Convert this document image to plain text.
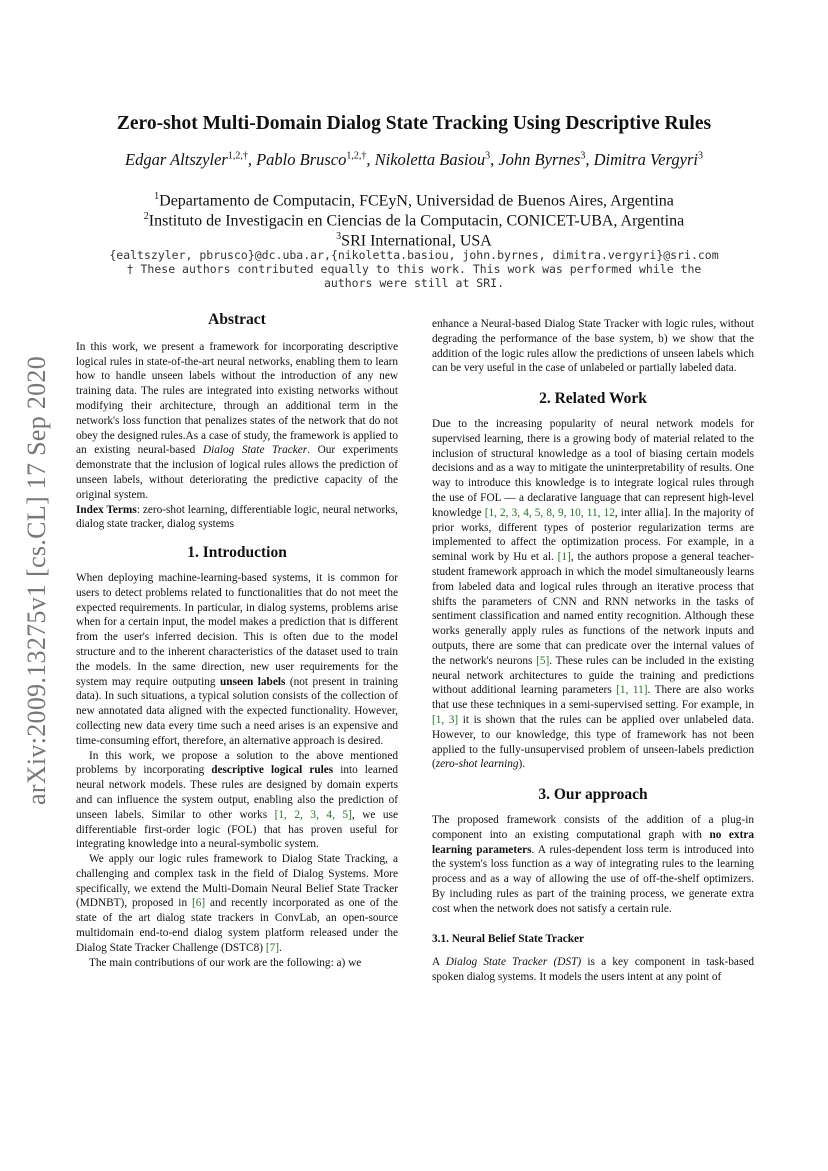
arXiv:2009.13275v1 [cs.CL] 17 Sep 2020
Zero-shot Multi-Domain Dialog State Tracking Using Descriptive Rules
Edgar Altszyler$^{1,2,\dagger}$, Pablo Brusco$^{1,2,\dagger}$, Nikoletta Basiou$^3$, John Byrnes$^3$, Dimitra Vergyri$^3$
$^1$Departamento de Computacin, FCEyN, Universidad de Buenos Aires, Argentina
$^2$Instituto de Investigacin en Ciencias de la Computacin, CONICET-UBA, Argentina
$^3$SRI International, USA
{ealtszyler, pbrusco}@dc.uba.ar,{nikoletta.basiou, john.byrnes, dimitra.vergyri}@sri.com
† These authors contributed equally to this work. This work was performed while the
authors were still at SRI.
Abstract

In this work, we present a framework for incorporating descriptive logical rules in state-of-the-art neural networks, enabling them to learn how to handle unseen labels without the introduction of any new training data. The rules are integrated into existing networks without modifying their architecture, through an additional term in the network's loss function that penalizes states of the network that do not obey the designed rules.As a case of study, the framework is applied to an existing neural-based Dialog State Tracker. Our experiments demonstrate that the inclusion of logical rules allows the prediction of unseen labels, without deteriorating the predictive capacity of the original system.

Index Terms: zero-shot learning, differentiable logic, neural networks, dialog state tracker, dialog systems

1. Introduction

When deploying machine-learning-based systems, it is common for users to detect problems related to functionalities that do not meet the expected requirements. In particular, in dialog systems, problems arise when for a certain input, the model makes a prediction that is different from the user's inferred decision. This is often due to the model structure and to the inherent characteristics of the dataset used to train the models. In the same direction, new user requirements for the system may require outputing unseen labels (not present in training data). In such situations, a typical solution consists of the collection of new annotated data aligned with the expected functionality. However, collecting new data every time such a need arises is an expensive and time-consuming effort, therefore, an alternative approach is desired.

In this work, we propose a solution to the above mentioned problems by incorporating descriptive logical rules into learned neural network models. These rules are designed by domain experts and can influence the system output, enabling also the prediction of unseen labels. Similar to other works [1, 2, 3, 4, 5], we use differentiable first-order logic (FOL) that has proven useful for integrating knowledge into a neural-symbolic system.

We apply our logic rules framework to Dialog State Tracking, a challenging and complex task in the field of Dialog Systems. More specifically, we extend the Multi-Domain Neural Belief State Tracker (MDNBT), proposed in [6] and recently incorporated as one of the state of the art dialog state trackers in ConvLab, an open-source multidomain end-to-end dialog system platform released under the Dialog State Tracker Challenge (DSTC8) [7].

The main contributions of our work are the following: a) we

enhance a Neural-based Dialog State Tracker with logic rules, without degrading the performance of the base system, b) we show that the addition of the logic rules allow the predictions of unseen labels which can be very useful in the case of unlabeled or partially labeled data.

2. Related Work

Due to the increasing popularity of neural network models for supervised learning, there is a growing body of material related to the inclusion of structural knowledge as a tool of biasing certain models decisions and as a way to mitigate the uninterpretability of results. One way to introduce this knowledge is to integrate logical rules through the use of FOL — a declarative language that can represent high-level knowledge [1, 2, 3, 4, 5, 8, 9, 10, 11, 12, inter allia]. In the majority of prior works, different types of posterior regularization terms are implemented to affect the optimization process. For example, in a seminal work by Hu et al. [1], the authors propose a general teacher-student framework approach in which the model simultaneously learns from labeled data and logical rules through an iterative process that shifts the parameters of CNN and RNN networks in the tasks of sentiment classification and named entity recognition. Although these works generally apply rules as functions of the network inputs and outputs, there are some that can predicate over the internal values of the network's neurons [5]. These rules can be included in the existing neural network architectures to guide the training and predictions without additional learning parameters [1, 11]. There are also works that use these techniques in a semi-supervised setting. For example, in [1, 3] it is shown that the rules can be applied over unlabeled data. However, to our knowledge, this type of framework has not been applied to the fully-unsupervised problem of unseen-labels prediction (zero-shot learning).

3. Our approach

The proposed framework consists of the addition of a plug-in component into an existing computational graph with no extra learning parameters. A rules-dependent loss term is introduced into the system's loss function as a way of integrating rules to the learning process and as a way of allowing the use of off-the-shelf optimizers. By including rules as part of the training process, we generate extra cost when the network does not satisfy a certain rule.

3.1. Neural Belief State Tracker

A Dialog State Tracker (DST) is a key component in task-based spoken dialog systems. It models the users intent at any point of
